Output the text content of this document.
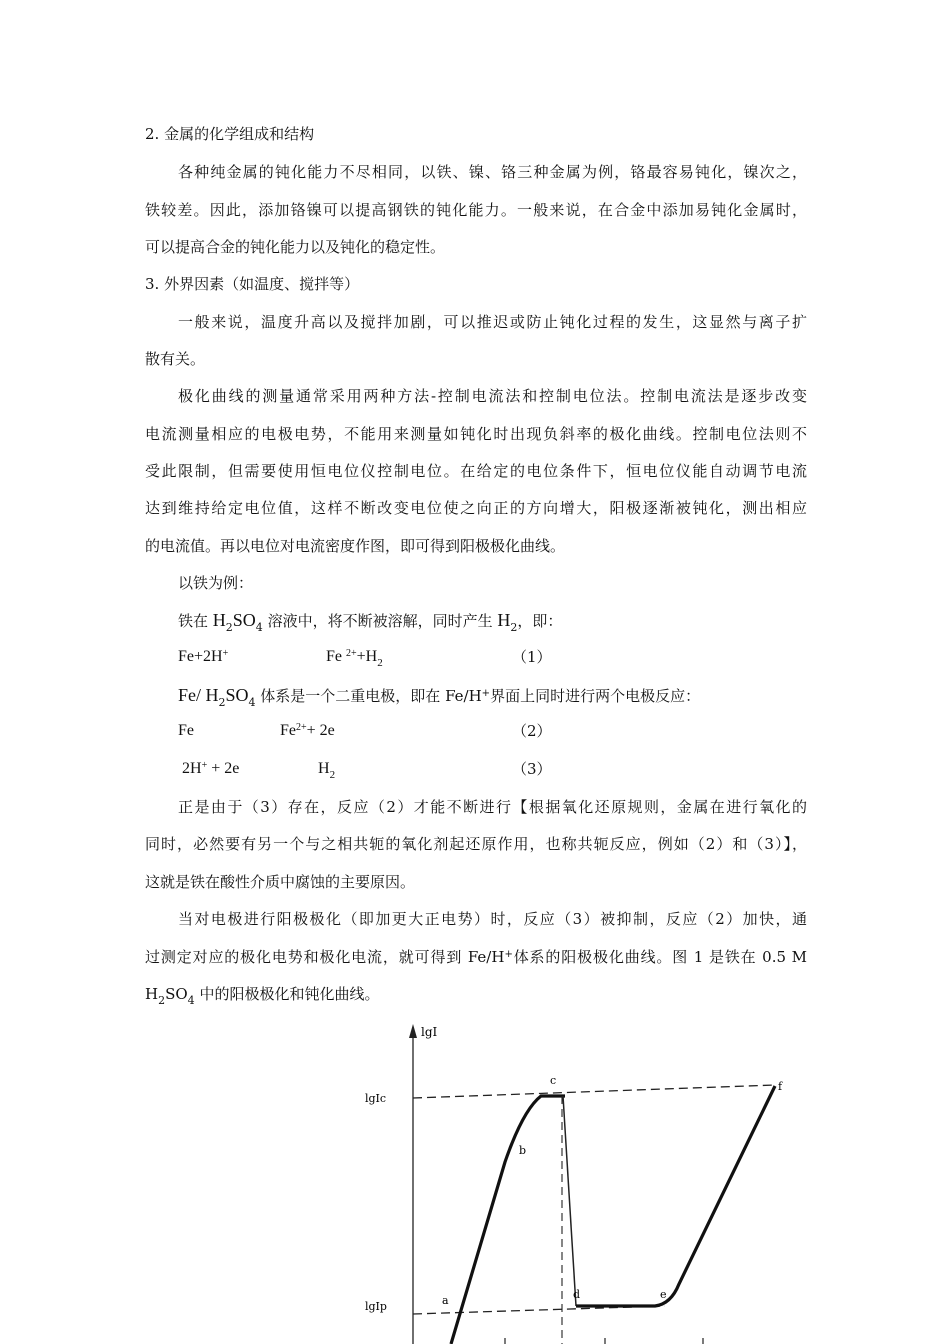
2. 金属的化学组成和结构
各种纯金属的钝化能力不尽相同，以铁、镍、铬三种金属为例，铬最容易钝化，镍次之，
铁较差。因此，添加铬镍可以提高钢铁的钝化能力。一般来说，在合金中添加易钝化金属时，
可以提高合金的钝化能力以及钝化的稳定性。
3. 外界因素（如温度、搅拌等）
一般来说，温度升高以及搅拌加剧，可以推迟或防止钝化过程的发生，这显然与离子扩
散有关。
极化曲线的测量通常采用两种方法-控制电流法和控制电位法。控制电流法是逐步改变
电流测量相应的电极电势，不能用来测量如钝化时出现负斜率的极化曲线。控制电位法则不
受此限制，但需要使用恒电位仪控制电位。在给定的电位条件下，恒电位仪能自动调节电流
达到维持给定电位值，这样不断改变电位使之向正的方向增大，阳极逐渐被钝化，测出相应
的电流值。再以电位对电流密度作图，即可得到阳极极化曲线。
以铁为例：
铁在 $H_2SO_4$ 溶液中，将不断被溶解，同时产生 $H_2$，即：
Fe+2H+	Fe $^{2+}+H_2$	（1）
Fe/ $H_2SO_4$ 体系是一个二重电极，即在 Fe/H+界面上同时进行两个电极反应：
Fe	$Fe^{2+}+ 2e$	（2）
2H+ + 2e	$H_2$	（3）
正是由于（3）存在，反应（2）才能不断进行【根据氧化还原规则，金属在进行氧化的
同时，必然要有另一个与之相共轭的氧化剂起还原作用，也称共轭反应，例如（2）和（3）】，
这就是铁在酸性介质中腐蚀的主要原因。
当对电极进行阳极极化（即加更大正电势）时，反应（3）被抑制，反应（2）加快，通
过测定对应的极化电势和极化电流，就可得到 Fe/H+体系的阳极极化曲线。图 1 是铁在 0.5 M
$H_2SO_4$ 中的阳极极化和钝化曲线。
lgI
lgIc
lgIp	a
b
c
d	e
f
